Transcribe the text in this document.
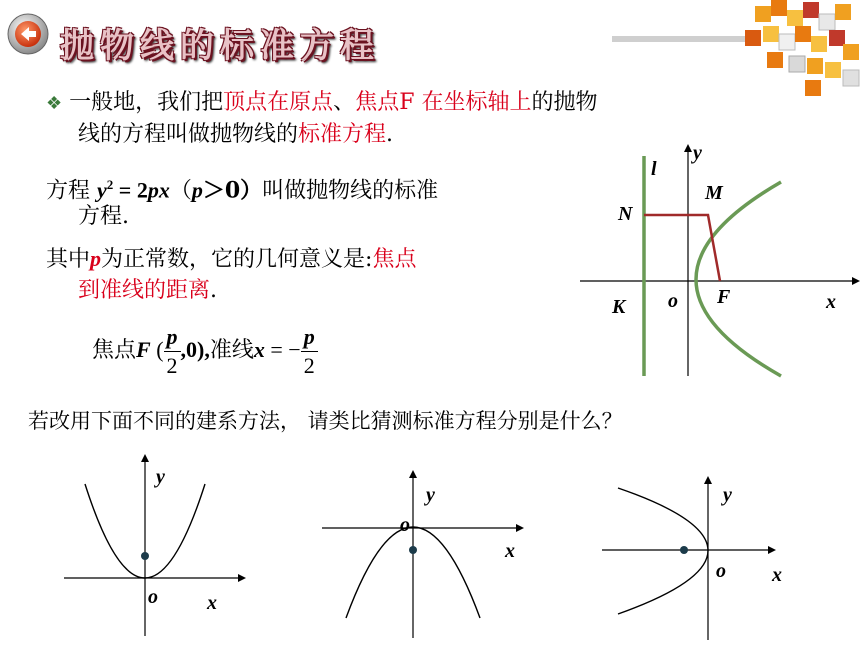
抛物线的标准方程
❖ 一般地，我们把顶点在原点、焦点F 在坐标轴上的抛物
线的方程叫做抛物线的标准方程.
方程 $y^2 = 2px(p>0)$叫做抛物线的标准
方程.
其中p为正常数，它的几何意义是:焦点
到准线的距离.
焦点F ( $\frac{p}{2} ,0$),准线x = − $\frac{p}{2}$
l
y
M
N
K o F	x
若改用下面不同的建系方法， 请类比猜测标准方程分别是什么？
y
o x
y
o
x
y
o x
